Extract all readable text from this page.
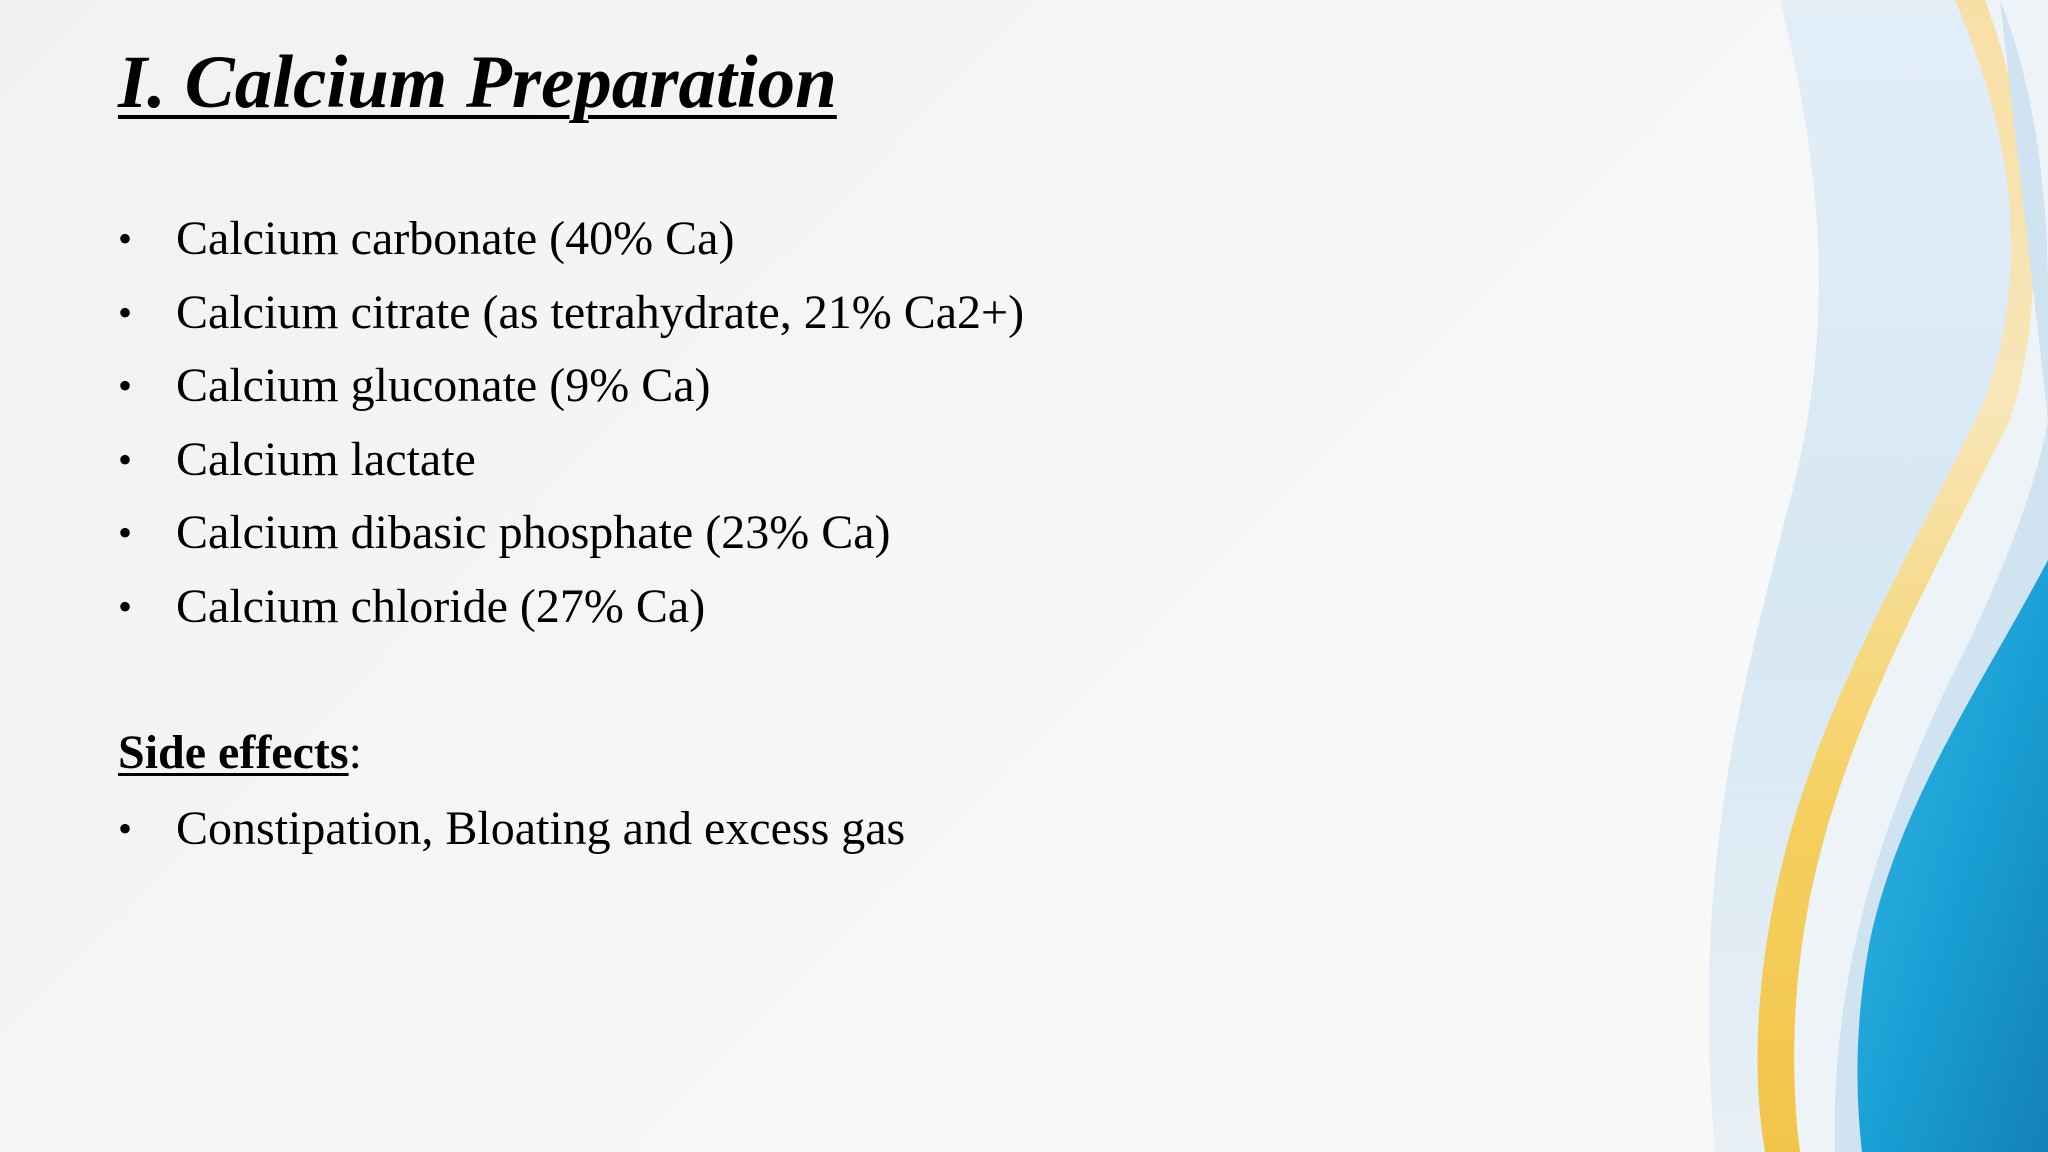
I. Calcium Preparation
• Calcium carbonate (40% Ca)
• Calcium citrate (as tetrahydrate, 21% Ca2+)
• Calcium gluconate (9% Ca)
• Calcium lactate
• Calcium dibasic phosphate (23% Ca)
• Calcium chloride (27% Ca)

Side effects:

• Constipation, Bloating and excess gas
